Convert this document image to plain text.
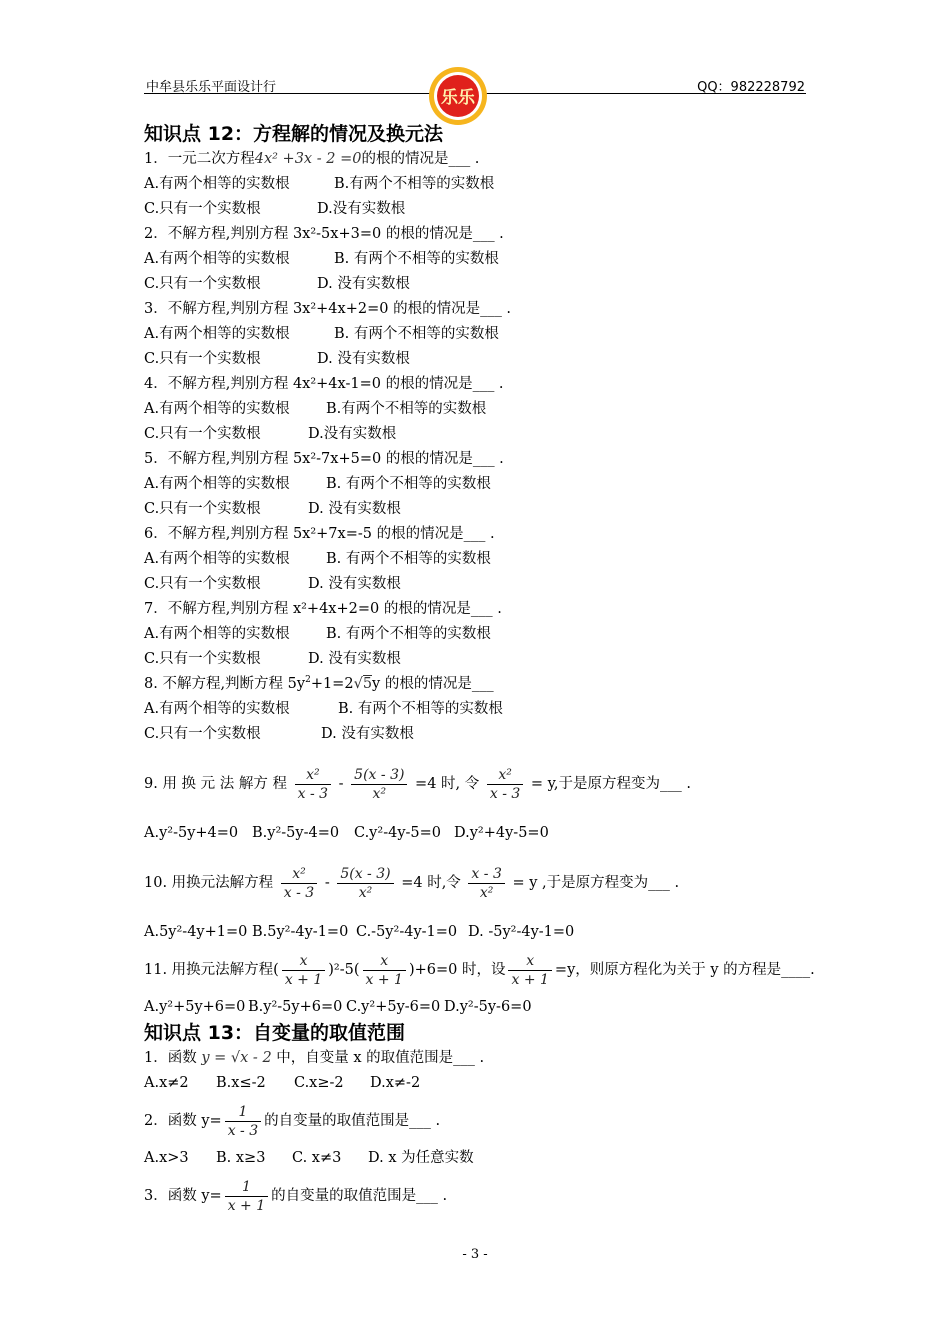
中牟县乐乐平面设计行	QQ：982228792
乐乐
知识点 12：方程解的情况及换元法
1．一元二次方程4x² +3x - 2 =0的根的情况是___ .
A.有两个相等的实数根	B.有两个不相等的实数根
C.只有一个实数根	D.没有实数根
2．不解方程,判别方程 3x²-5x+3=0 的根的情况是___ .
A.有两个相等的实数根	B. 有两个不相等的实数根
C.只有一个实数根	D. 没有实数根
3．不解方程,判别方程 3x²+4x+2=0 的根的情况是___ .
A.有两个相等的实数根	B. 有两个不相等的实数根
C.只有一个实数根	D. 没有实数根
4．不解方程,判别方程 4x²+4x-1=0 的根的情况是___ .
A.有两个相等的实数根	B.有两个不相等的实数根
C.只有一个实数根	D.没有实数根
5．不解方程,判别方程 5x²-7x+5=0 的根的情况是___ .
A.有两个相等的实数根	B. 有两个不相等的实数根
C.只有一个实数根	D. 没有实数根
6．不解方程,判别方程 5x²+7x=-5 的根的情况是___ .
A.有两个相等的实数根	B. 有两个不相等的实数根
C.只有一个实数根	D. 没有实数根
7．不解方程,判别方程 x²+4x+2=0 的根的情况是___ .
A.有两个相等的实数根	B. 有两个不相等的实数根
C.只有一个实数根	D. 没有实数根
8. 不解方程,判断方程 $5y^2+1=2√5y$ 的根的情况是___
A.有两个相等的实数根	B. 有两个不相等的实数根
C.只有一个实数根	D. 没有实数根
9. 用 换 元 法 解方 程 $\frac{\text{x²}}{x - 3} - \frac{5(x - 3)}{\text{x²}} =4$ 时, 令 $\frac{\text{x²}}{x - 3} = y$,于是原方程变为___ .
A.y²-5y+4=0 B.y²-5y-4=0 C.y²-4y-5=0 D.y²+4y-5=0
10. 用换元法解方程 $\frac{\text{x²}}{x - 3} - \frac{5(x - 3)}{\text{x²}} =4$ 时,令 $\frac{x - 3}{\text{x²}} = y$ ,于是原方程变为___ .
A.5y²-4y+1=0 B.5y²-4y-1=0 C.-5y²-4y-1=0 D. -5y²-4y-1=0
11. 用换元法解方程( $\frac{x}{x + 1} )^2-5( \frac{x}{x + 1} )+6=0$ 时，设 $\frac{x}{x + 1} =y$，则原方程化为关于 y 的方程是____.
A.y²+5y+6=0 B.y²-5y+6=0 C.y²+5y-6=0 D.y²-5y-6=0
知识点 13：自变量的取值范围
1．函数 y = √x - 2 中，自变量 x 的取值范围是___ .
A.x≠2 B.x≤-2 C.x≥-2 D.x≠-2
2．函数 $y= \frac{1}{x - 3}$ 的自变量的取值范围是___ .
A.x>3 B. x≥3 C. x≠3 D. x 为任意实数
3．函数 $y= \frac{1}{x + 1}$ 的自变量的取值范围是___ .
- 3 -
